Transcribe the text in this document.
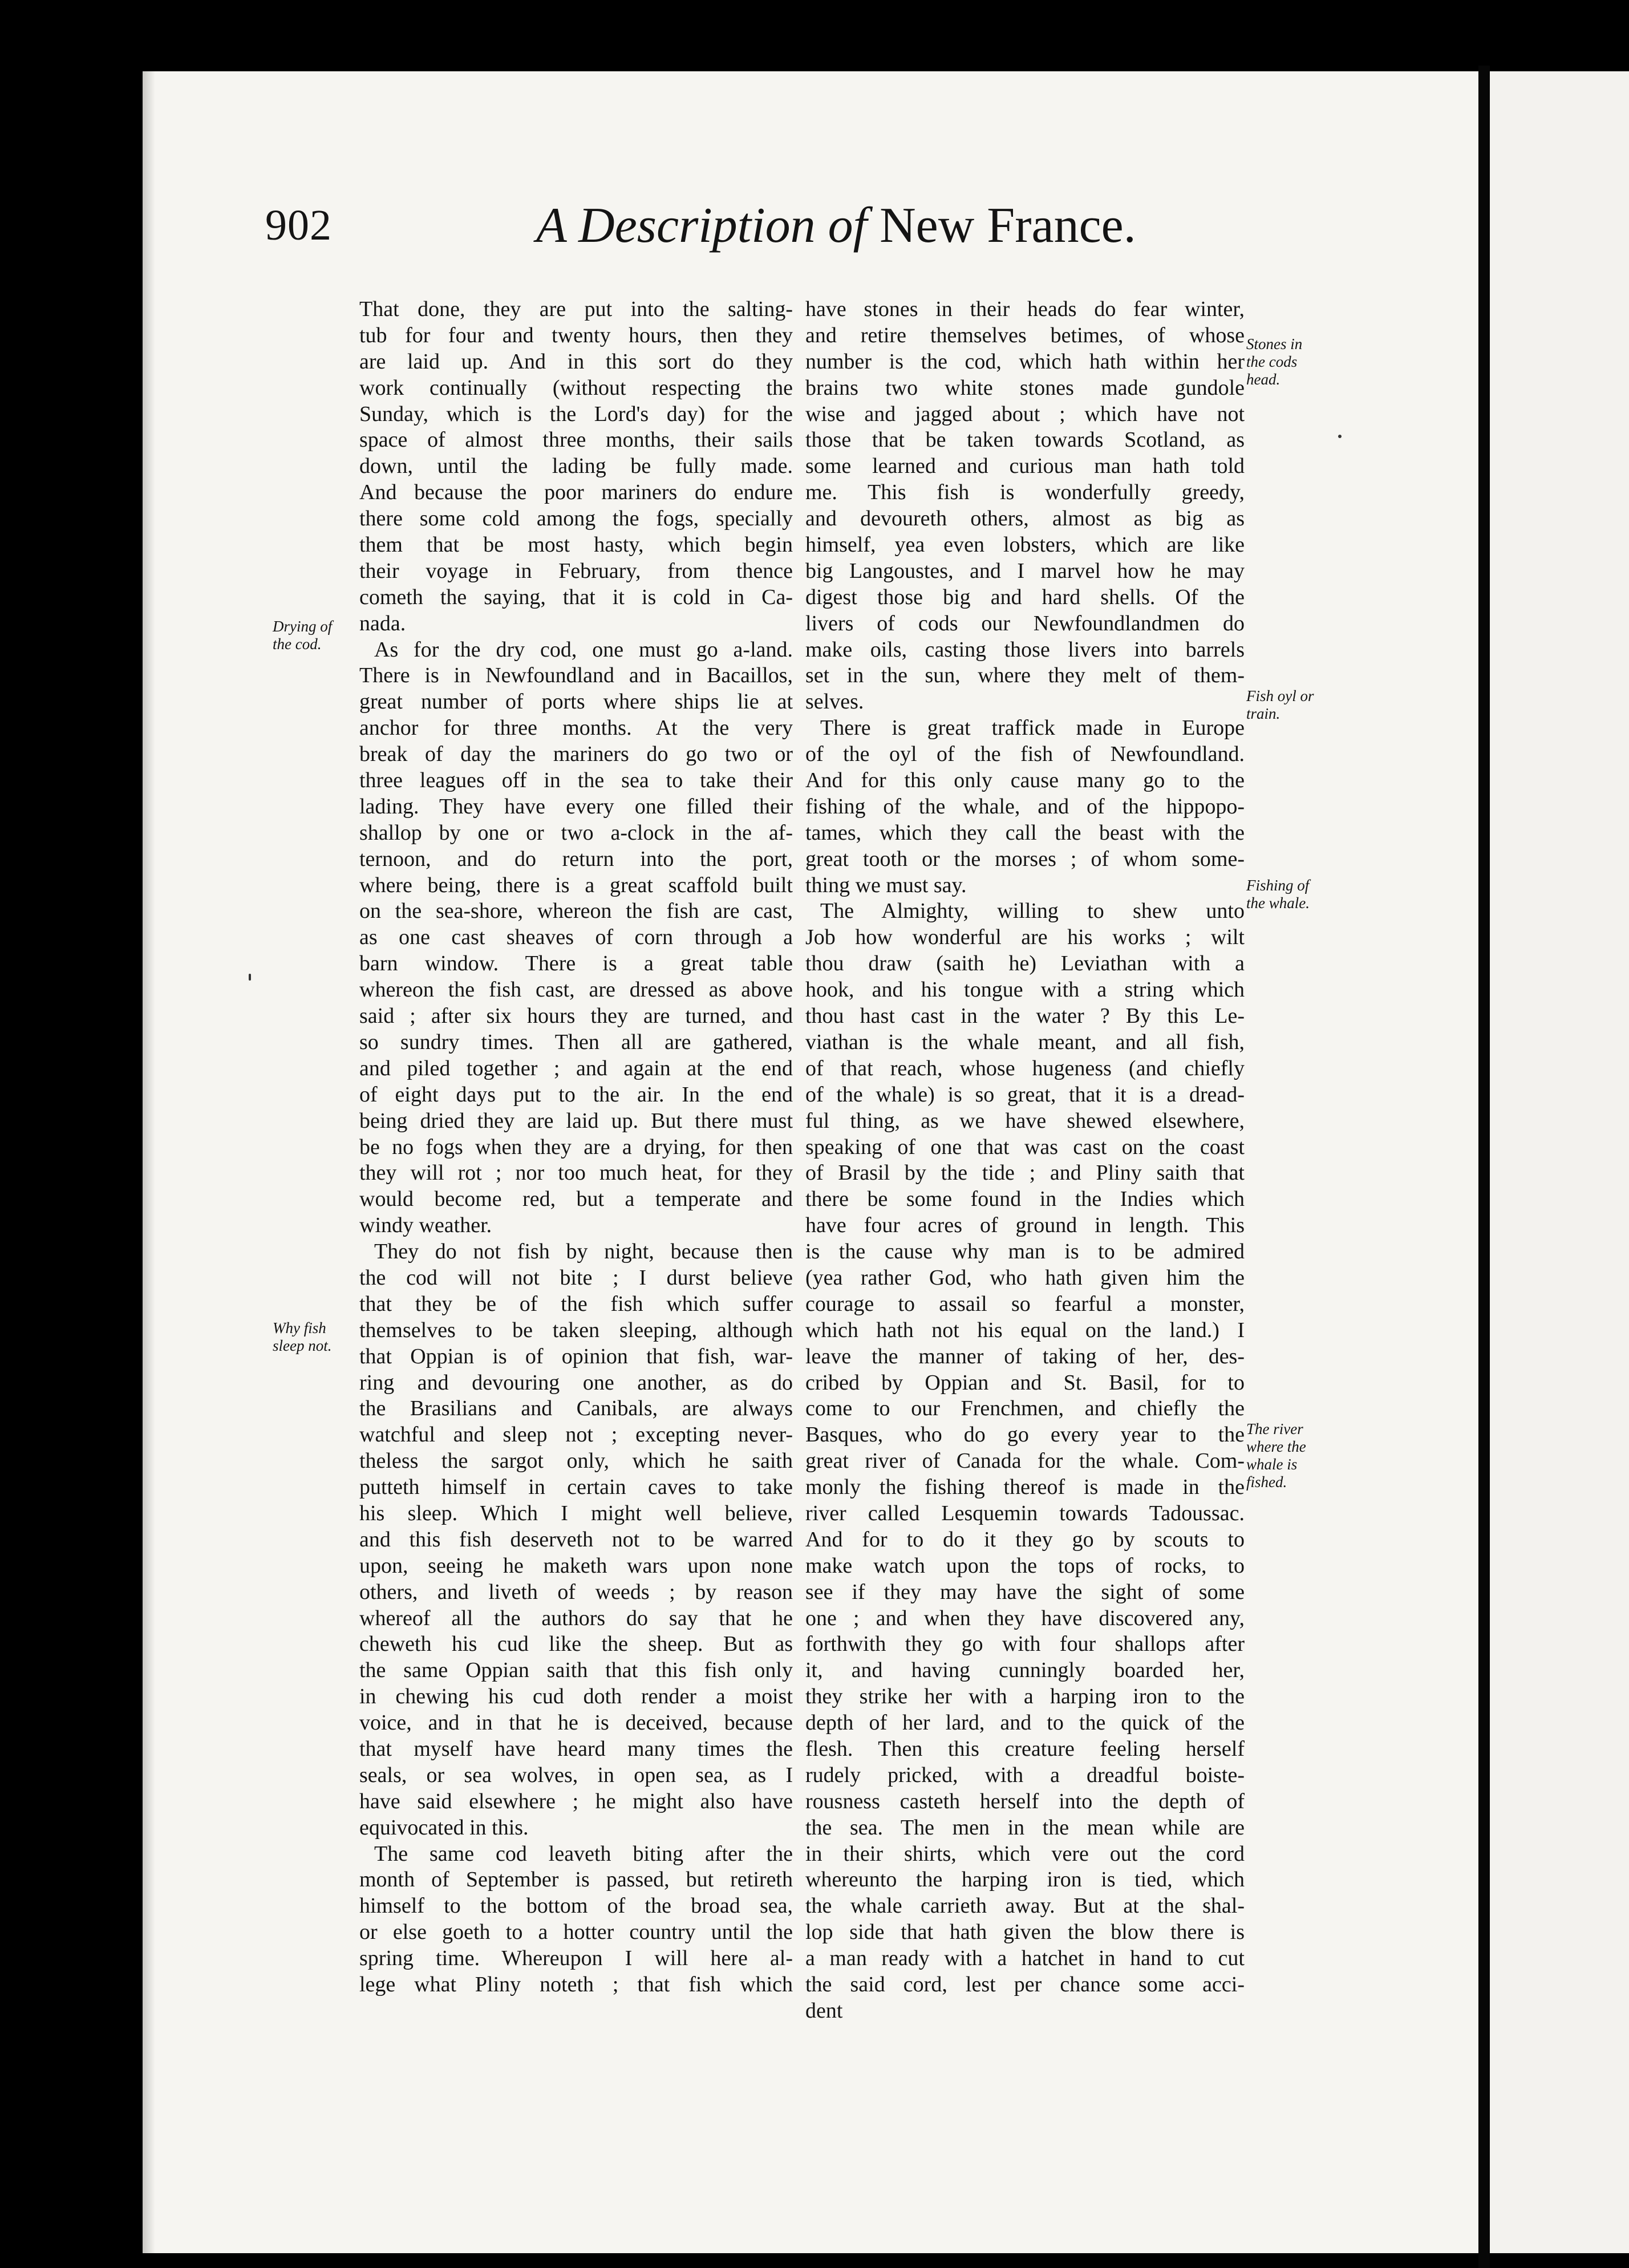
902	A Description of New France.
That done, they are put into the salting-
tub for four and twenty hours, then they
are laid up. And in this sort do they
work continually (without respecting the
Sunday, which is the Lord's day) for the
space of almost three months, their sails
down, until the lading be fully made.
And because the poor mariners do endure
there some cold among the fogs, specially
them that be most hasty, which begin
their voyage in February, from thence
cometh the saying, that it is cold in Ca-
nada.
As for the dry cod, one must go a-land.
There is in Newfoundland and in Bacaillos,
great number of ports where ships lie at
anchor for three months. At the very
break of day the mariners do go two or
three leagues off in the sea to take their
lading. They have every one filled their
shallop by one or two a-clock in the af-
ternoon, and do return into the port,
where being, there is a great scaffold built
on the sea-shore, whereon the fish are cast,
as one cast sheaves of corn through a
barn window. There is a great table
whereon the fish cast, are dressed as above
said ; after six hours they are turned, and
so sundry times. Then all are gathered,
and piled together ; and again at the end
of eight days put to the air. In the end
being dried they are laid up. But there must
be no fogs when they are a drying, for then
they will rot ; nor too much heat, for they
would become red, but a temperate and
windy weather.
They do not fish by night, because then
the cod will not bite ; I durst believe
that they be of the fish which suffer
themselves to be taken sleeping, although
that Oppian is of opinion that fish, war-
ring and devouring one another, as do
the Brasilians and Canibals, are always
watchful and sleep not ; excepting never-
theless the sargot only, which he saith
putteth himself in certain caves to take
his sleep. Which I might well believe,
and this fish deserveth not to be warred
upon, seeing he maketh wars upon none
others, and liveth of weeds ; by reason
whereof all the authors do say that he
cheweth his cud like the sheep. But as
the same Oppian saith that this fish only
in chewing his cud doth render a moist
voice, and in that he is deceived, because
that myself have heard many times the
seals, or sea wolves, in open sea, as I
have said elsewhere ; he might also have
equivocated in this.
The same cod leaveth biting after the
month of September is passed, but retireth
himself to the bottom of the broad sea,
or else goeth to a hotter country until the
spring time. Whereupon I will here al-
lege what Pliny noteth ; that fish which
have stones in their heads do fear winter,
and retire themselves betimes, of whose
number is the cod, which hath within her
brains two white stones made gundole
wise and jagged about ; which have not
those that be taken towards Scotland, as
some learned and curious man hath told
me. This fish is wonderfully greedy,
and devoureth others, almost as big as
himself, yea even lobsters, which are like
big Langoustes, and I marvel how he may
digest those big and hard shells. Of the
livers of cods our Newfoundlandmen do
make oils, casting those livers into barrels
set in the sun, where they melt of them-
selves.
There is great traffick made in Europe
of the oyl of the fish of Newfoundland.
And for this only cause many go to the
fishing of the whale, and of the hippopo-
tames, which they call the beast with the
great tooth or the morses ; of whom some-
thing we must say.
The Almighty, willing to shew unto
Job how wonderful are his works ; wilt
thou draw (saith he) Leviathan with a
hook, and his tongue with a string which
thou hast cast in the water ? By this Le-
viathan is the whale meant, and all fish,
of that reach, whose hugeness (and chiefly
of the whale) is so great, that it is a dread-
ful thing, as we have shewed elsewhere,
speaking of one that was cast on the coast
of Brasil by the tide ; and Pliny saith that
there be some found in the Indies which
have four acres of ground in length. This
is the cause why man is to be admired
(yea rather God, who hath given him the
courage to assail so fearful a monster,
which hath not his equal on the land.) I
leave the manner of taking of her, des-
cribed by Oppian and St. Basil, for to
come to our Frenchmen, and chiefly the
Basques, who do go every year to the
great river of Canada for the whale. Com-
monly the fishing thereof is made in the
river called Lesquemin towards Tadoussac.
And for to do it they go by scouts to
make watch upon the tops of rocks, to
see if they may have the sight of some
one ; and when they have discovered any,
forthwith they go with four shallops after
it, and having cunningly boarded her,
they strike her with a harping iron to the
depth of her lard, and to the quick of the
flesh. Then this creature feeling herself
rudely pricked, with a dreadful boiste-
rousness casteth herself into the depth of
the sea. The men in the mean while are
in their shirts, which vere out the cord
whereunto the harping iron is tied, which
the whale carrieth away. But at the shal-
lop side that hath given the blow there is
a man ready with a hatchet in hand to cut
the said cord, lest per chance some acci-
dent
Drying of
the cod.
Why fish
sleep not.
Stones in
the cods
head.
Fish oyl or
train.
Fishing of
the whale.
The river
where the
whale is
fished.
